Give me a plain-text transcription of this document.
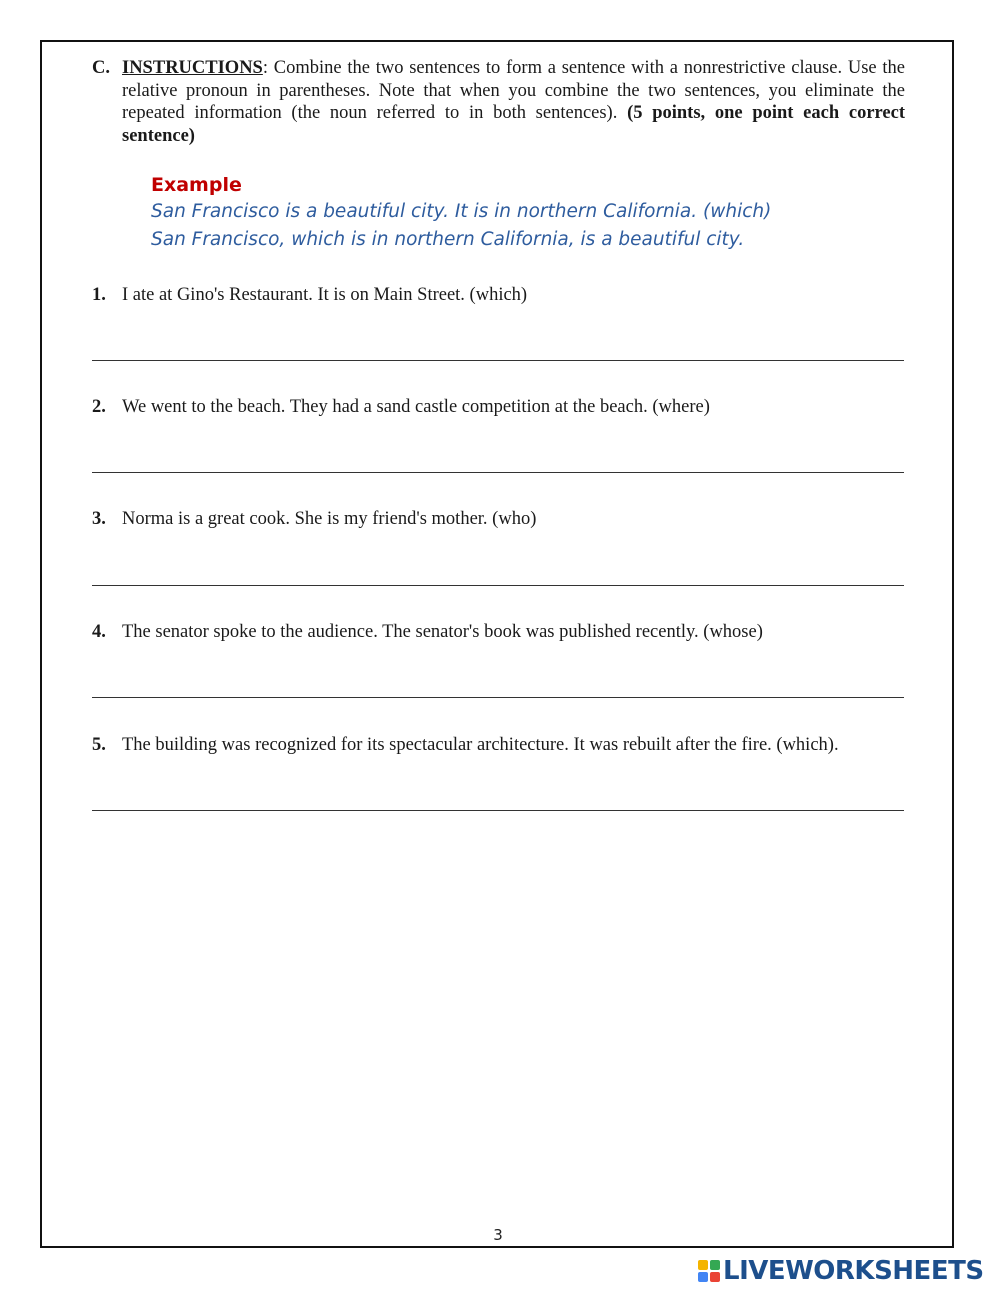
C. INSTRUCTIONS: Combine the two sentences to form a sentence with a nonrestrictive clause. Use the relative pronoun in parentheses. Note that when you combine the two sentences, you eliminate the repeated information (the noun referred to in both sentences). (5 points, one point each correct sentence)
Example
San Francisco is a beautiful city. It is in northern California. (which)
San Francisco, which is in northern California, is a beautiful city.
1. I ate at Gino's Restaurant. It is on Main Street. (which)
2. We went to the beach. They had a sand castle competition at the beach. (where)
3. Norma is a great cook. She is my friend's mother. (who)
4. The senator spoke to the audience. The senator's book was published recently. (whose)
5. The building was recognized for its spectacular architecture. It was rebuilt after the fire. (which).
3
LIVEWORKSHEETS
